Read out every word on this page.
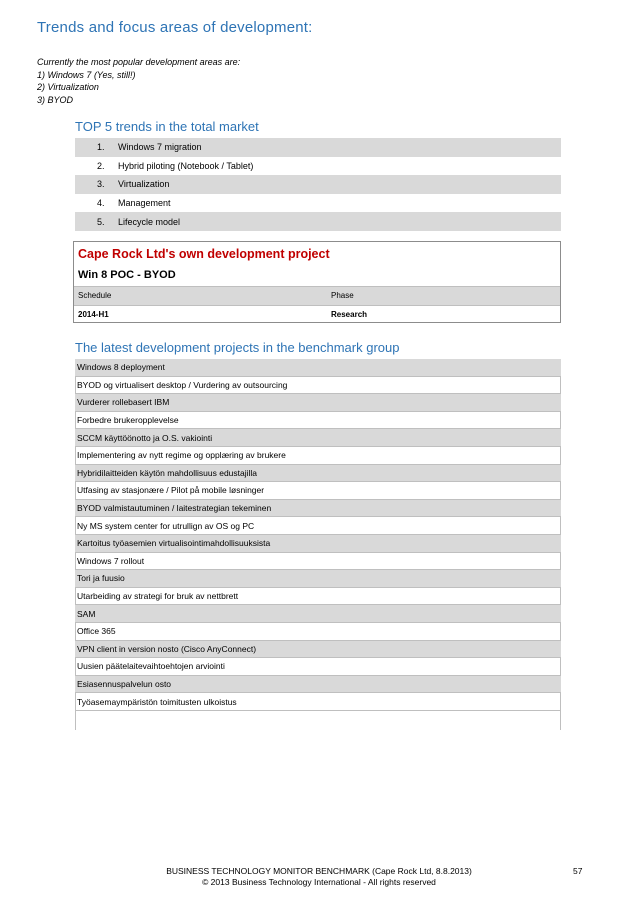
Trends and focus areas of development:
Currently the most popular development areas are:
1) Windows 7 (Yes, still!)
2) Virtualization
3) BYOD
TOP 5 trends in the total market
1.	Windows 7 migration
2.	Hybrid piloting (Notebook / Tablet)
3.	Virtualization
4.	Management
5.	Lifecycle model
Cape Rock Ltd's own development project
Win 8 POC - BYOD
Schedule	Phase
2014-H1	Research
The latest development projects in the benchmark group
Windows 8 deployment
BYOD og virtualisert desktop / Vurdering av outsourcing
Vurderer rollebasert IBM
Forbedre brukeropplevelse
SCCM käyttöönotto ja O.S. vakiointi
Implementering av nytt regime og opplæring av brukere
Hybridilaitteiden käytön mahdollisuus edustajilla
Utfasing av stasjonære / Pilot på mobile løsninger
BYOD valmistautuminen / laitestrategian tekeminen
Ny MS system center for utrullign av OS og PC
Kartoitus työasemien virtualisointimahdollisuuksista
Windows 7 rollout
Tori ja fuusio
Utarbeiding av strategi for bruk av nettbrett
SAM
Office 365
VPN client in version nosto (Cisco AnyConnect)
Uusien päätelaitevaihtoehtojen arviointi
Esiasennuspalvelun osto
Työasemaympäristön toimitusten ulkoistus
BUSINESS TECHNOLOGY MONITOR BENCHMARK (Cape Rock Ltd, 8.8.2013)
© 2013 Business Technology International - All rights reserved
57
